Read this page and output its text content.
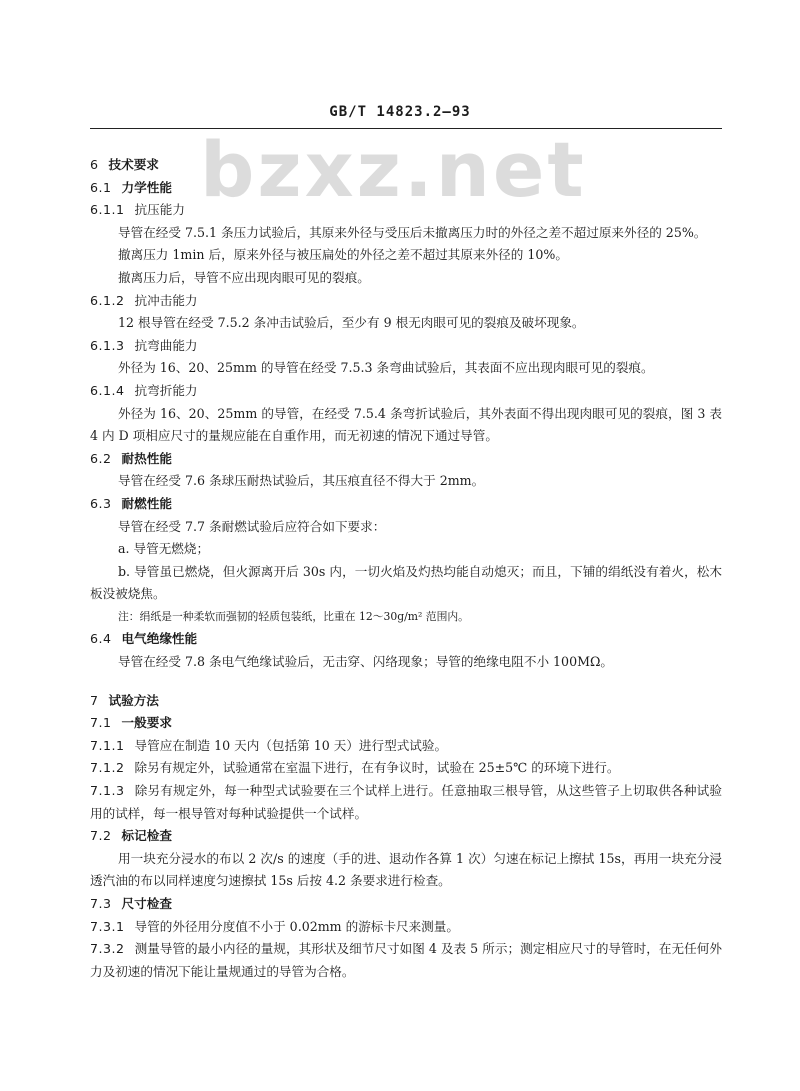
GB/T 14823.2—93
bzxz.net
6 技术要求
6.1 力学性能
6.1.1 抗压能力
导管在经受 7.5.1 条压力试验后，其原来外径与受压后未撤离压力时的外径之差不超过原来外径的 25%。
撤离压力 1min 后，原来外径与被压扁处的外径之差不超过其原来外径的 10%。
撤离压力后，导管不应出现肉眼可见的裂痕。
6.1.2 抗冲击能力
12 根导管在经受 7.5.2 条冲击试验后，至少有 9 根无肉眼可见的裂痕及破坏现象。
6.1.3 抗弯曲能力
外径为 16、20、25mm 的导管在经受 7.5.3 条弯曲试验后，其表面不应出现肉眼可见的裂痕。
6.1.4 抗弯折能力
外径为 16、20、25mm 的导管，在经受 7.5.4 条弯折试验后，其外表面不得出现肉眼可见的裂痕，图 3 表 4 内 D 项相应尺寸的量规应能在自重作用，而无初速的情况下通过导管。
6.2 耐热性能
导管在经受 7.6 条球压耐热试验后，其压痕直径不得大于 2mm。
6.3 耐燃性能
导管在经受 7.7 条耐燃试验后应符合如下要求：
a. 导管无燃烧；
b. 导管虽已燃烧，但火源离开后 30s 内，一切火焰及灼热均能自动熄灭；而且，下铺的绢纸没有着火，松木板没被烧焦。
注：绢纸是一种柔软而强韧的轻质包装纸，比重在 12～30g/m² 范围内。
6.4 电气绝缘性能
导管在经受 7.8 条电气绝缘试验后，无击穿、闪络现象；导管的绝缘电阻不小 100MΩ。
7 试验方法
7.1 一般要求
7.1.1 导管应在制造 10 天内（包括第 10 天）进行型式试验。
7.1.2 除另有规定外，试验通常在室温下进行，在有争议时，试验在 25±5℃ 的环境下进行。
7.1.3 除另有规定外，每一种型式试验要在三个试样上进行。任意抽取三根导管，从这些管子上切取供各种试验用的试样，每一根导管对每种试验提供一个试样。
7.2 标记检查
用一块充分浸水的布以 2 次/s 的速度（手的进、退动作各算 1 次）匀速在标记上擦拭 15s，再用一块充分浸透汽油的布以同样速度匀速擦拭 15s 后按 4.2 条要求进行检查。
7.3 尺寸检查
7.3.1 导管的外径用分度值不小于 0.02mm 的游标卡尺来测量。
7.3.2 测量导管的最小内径的量规，其形状及细节尺寸如图 4 及表 5 所示；测定相应尺寸的导管时，在无任何外力及初速的情况下能让量规通过的导管为合格。
